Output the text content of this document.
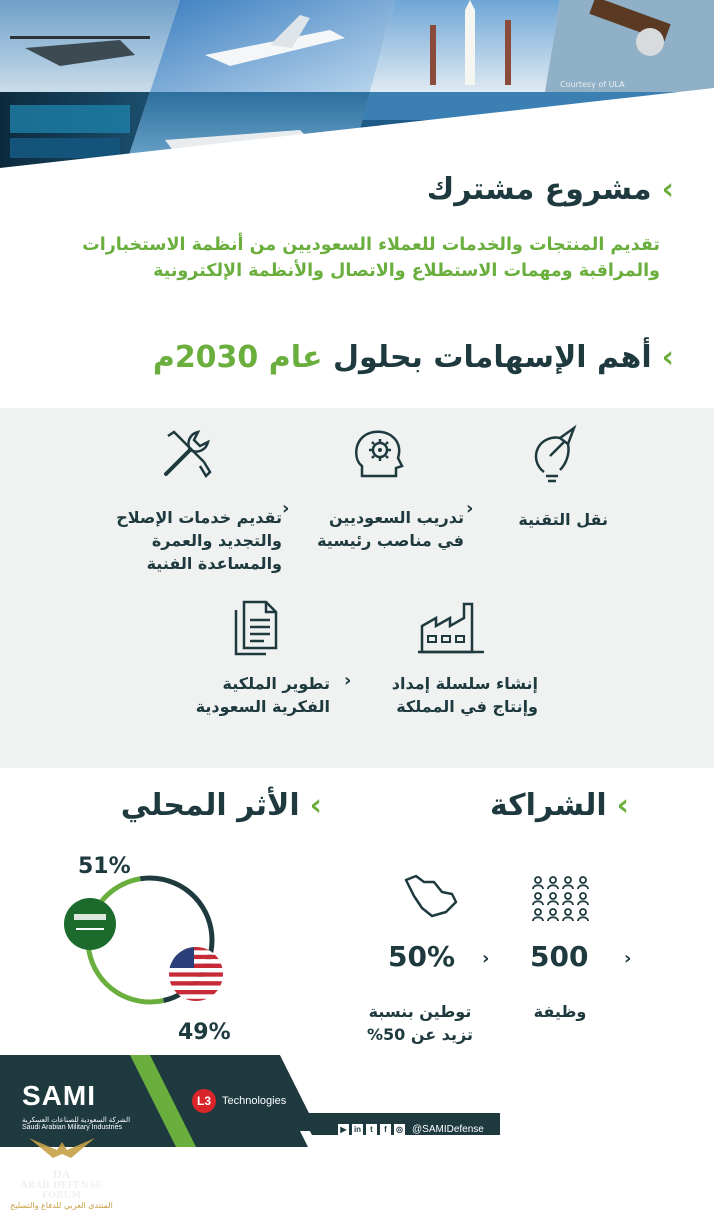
Courtesy of ULA
›
مشروع مشترك

تقديم المنتجات والخدمات للعملاء السعوديين من أنظمة الاستخبارات والمراقبة ومهمات الاستطلاع والاتصال والأنظمة الإلكترونية

›
أهم الإسهامات بحلول عام 2030م
نقل التقنية
‹
تدريب السعوديين
في مناصب رئيسية
‹
تقديم خدمات الإصلاح
والتجديد والعمرة
والمساعدة الفنية
إنشاء سلسلة إمداد
وإنتاج في المملكة
‹
تطوير الملكية
الفكرية السعودية
›
الشراكة
500 ‹
وظيفة
50% ‹
توطين بنسبة
تزيد عن 50%
›
الأثر المحلي
51%
49%
SAMI
الشركة السعودية للصناعات العسكرية
Saudi Arabian Military Industries
L3	Technologies
▶ in	t	f	◎ @SAMIDefense
DA
ARAB DEFENSE FORUM
المنتدى العربي للدفاع والتسليح
